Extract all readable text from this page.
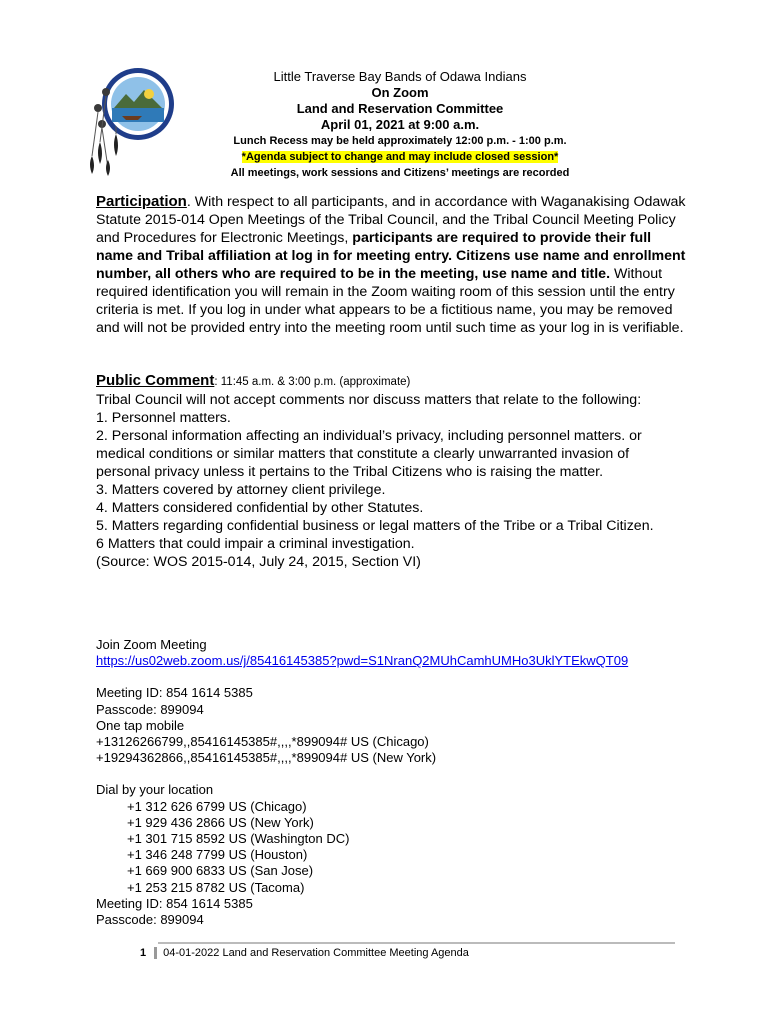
Little Traverse Bay Bands of Odawa Indians
On Zoom
Land and Reservation Committee
April 01, 2021 at 9:00 a.m.
Lunch Recess may be held approximately 12:00 p.m. - 1:00 p.m.
*Agenda subject to change and may include closed session*
All meetings, work sessions and Citizens’ meetings are recorded
Participation. With respect to all participants, and in accordance with Waganakising Odawak Statute 2015-014 Open Meetings of the Tribal Council, and the Tribal Council Meeting Policy and Procedures for Electronic Meetings, participants are required to provide their full name and Tribal affiliation at log in for meeting entry. Citizens use name and enrollment number, all others who are required to be in the meeting, use name and title. Without required identification you will remain in the Zoom waiting room of this session until the entry criteria is met. If you log in under what appears to be a fictitious name, you may be removed and will not be provided entry into the meeting room until such time as your log in is verifiable.
Public Comment: 11:45 a.m. & 3:00 p.m. (approximate)
Tribal Council will not accept comments nor discuss matters that relate to the following:
1. Personnel matters.
2. Personal information affecting an individual’s privacy, including personnel matters. or medical conditions or similar matters that constitute a clearly unwarranted invasion of personal privacy unless it pertains to the Tribal Citizens who is raising the matter.
3. Matters covered by attorney client privilege.
4. Matters considered confidential by other Statutes.
5. Matters regarding confidential business or legal matters of the Tribe or a Tribal Citizen.
6 Matters that could impair a criminal investigation.
(Source: WOS 2015-014, July 24, 2015, Section VI)
Join Zoom Meeting
https://us02web.zoom.us/j/85416145385?pwd=S1NranQ2MUhCamhUMHo3UklYTEkwQT09
Meeting ID: 854 1614 5385
Passcode: 899094
One tap mobile
+13126266799,,85416145385#,,,,*899094# US (Chicago)
+19294362866,,85416145385#,,,,*899094# US (New York)
Dial by your location
+1 312 626 6799 US (Chicago)
+1 929 436 2866 US (New York)
+1 301 715 8592 US (Washington DC)
+1 346 248 7799 US (Houston)
+1 669 900 6833 US (San Jose)
+1 253 215 8782 US (Tacoma)
Meeting ID: 854 1614 5385
Passcode: 899094
1	04-01-2022 Land and Reservation Committee Meeting Agenda
